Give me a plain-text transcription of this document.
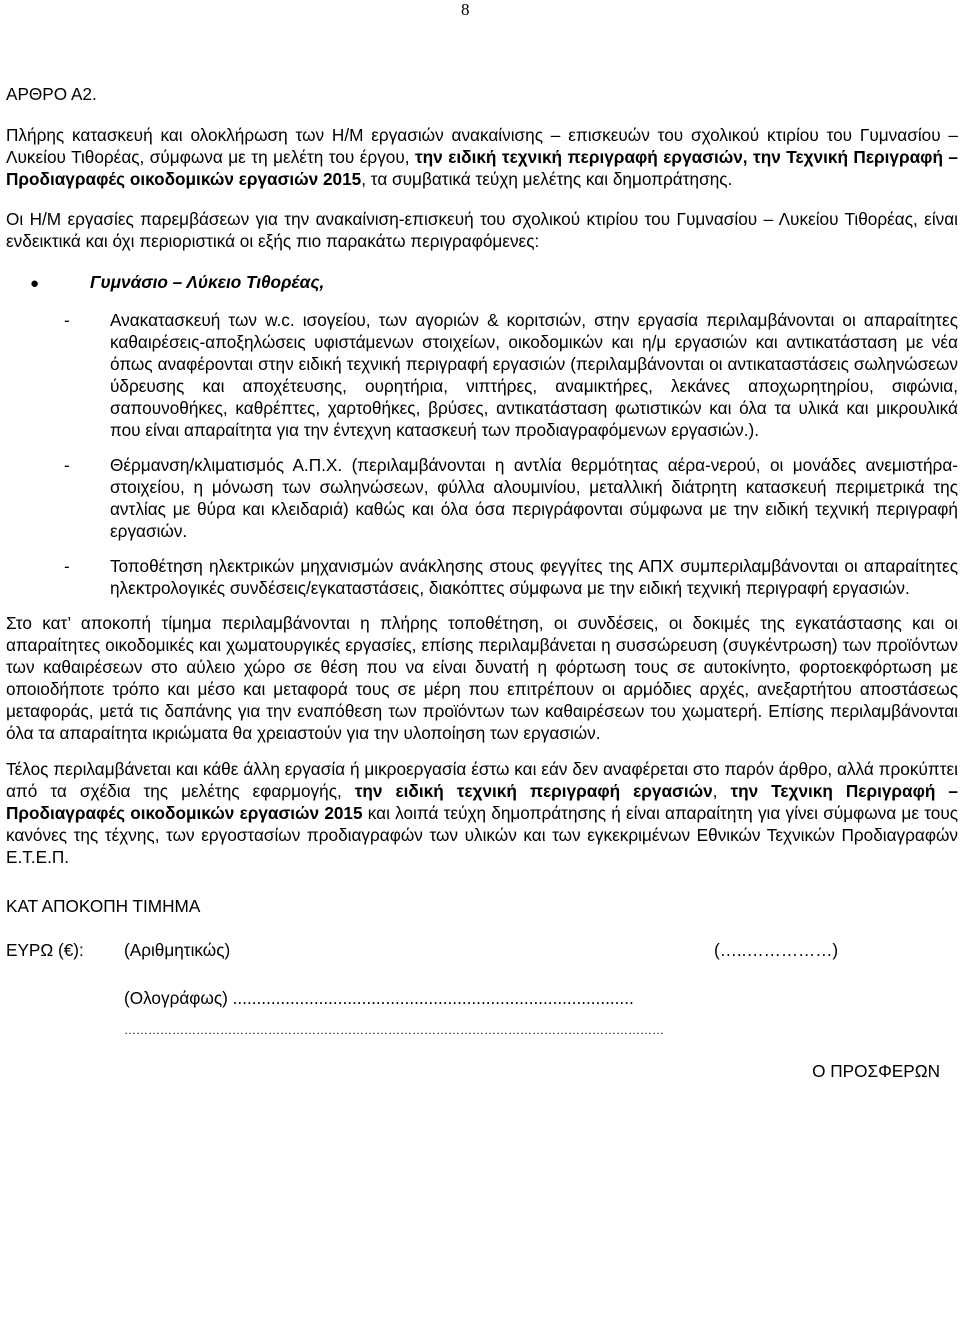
8
ΑΡΘΡΟ Α2.

Πλήρης κατασκευή και ολοκλήρωση των Η/Μ εργασιών ανακαίνισης – επισκευών του σχολικού κτιρίου του Γυμνασίου – Λυκείου Τιθορέας, σύμφωνα με τη μελέτη του έργου, την ειδική τεχνική περιγραφή εργασιών, την Τεχνική Περιγραφή – Προδιαγραφές οικοδομικών εργασιών 2015, τα συμβατικά τεύχη μελέτης και δημοπράτησης.

Οι Η/Μ εργασίες παρεμβάσεων για την ανακαίνιση-επισκευή του σχολικού κτιρίου του Γυμνασίου – Λυκείου Τιθορέας, είναι ενδεικτικά και όχι περιοριστικά οι εξής πιο παρακάτω περιγραφόμενες:

●	Γυμνάσιο – Λύκειο Τιθορέας,
-	Ανακατασκευή των w.c. ισογείου, των αγοριών & κοριτσιών, στην εργασία περιλαμβάνονται οι απαραίτητες καθαιρέσεις-αποξηλώσεις υφιστάμενων στοιχείων, οικοδομικών και η/μ εργασιών και αντικατάσταση με νέα όπως αναφέρονται στην ειδική τεχνική περιγραφή εργασιών (περιλαμβάνονται οι αντικαταστάσεις σωληνώσεων ύδρευσης και αποχέτευσης, ουρητήρια, νιπτήρες, αναμικτήρες, λεκάνες αποχωρητηρίου, σιφώνια, σαπουνοθήκες, καθρέπτες, χαρτοθήκες, βρύσες, αντικατάσταση φωτιστικών και όλα τα υλικά και μικρουλικά που είναι απαραίτητα για την έντεχνη κατασκευή των προδιαγραφόμενων εργασιών.).

-	Θέρμανση/κλιματισμός Α.Π.Χ. (περιλαμβάνονται η αντλία θερμότητας αέρα-νερού, οι μονάδες ανεμιστήρα-στοιχείου, η μόνωση των σωληνώσεων, φύλλα αλουμινίου, μεταλλική διάτρητη κατασκευή περιμετρικά της αντλίας με θύρα και κλειδαριά) καθώς και όλα όσα περιγράφονται σύμφωνα με την ειδική τεχνική περιγραφή εργασιών.

-	Τοποθέτηση ηλεκτρικών μηχανισμών ανάκλησης στους φεγγίτες της ΑΠΧ συμπεριλαμβάνονται οι απαραίτητες ηλεκτρολογικές συνδέσεις/εγκαταστάσεις, διακόπτες σύμφωνα με την ειδική τεχνική περιγραφή εργασιών.

Στο κατ’ αποκοπή τίμημα περιλαμβάνονται η πλήρης τοποθέτηση, οι συνδέσεις, οι δοκιμές της εγκατάστασης και οι απαραίτητες οικοδομικές και χωματουργικές εργασίες, επίσης περιλαμβάνεται η συσσώρευση (συγκέντρωση) των προϊόντων των καθαιρέσεων στο αύλειο χώρο σε θέση που να είναι δυνατή η φόρτωση τους σε αυτοκίνητο, φορτοεκφόρτωση με οποιοδήποτε τρόπο και μέσο και μεταφορά τους σε μέρη που επιτρέπουν οι αρμόδιες αρχές, ανεξαρτήτου αποστάσεως μεταφοράς, μετά τις δαπάνης για την εναπόθεση των προϊόντων των καθαιρέσεων του χωματερή. Επίσης περιλαμβάνονται όλα τα απαραίτητα ικριώματα θα χρειαστούν για την υλοποίηση των εργασιών.

Τέλος περιλαμβάνεται και κάθε άλλη εργασία ή μικροεργασία έστω και εάν δεν αναφέρεται στο παρόν άρθρο, αλλά προκύπτει από τα σχέδια της μελέτης εφαρμογής, την ειδική τεχνική περιγραφή εργασιών, την Τεχνικη Περιγραφή – Προδιαγραφές οικοδομικών εργασιών 2015 και λοιπά τεύχη δημοπράτησης ή είναι απαραίτητη για γίνει σύμφωνα με τους κανόνες της τέχνης, των εργοστασίων προδιαγραφών των υλικών και των εγκεκριμένων Εθνικών Τεχνικών Προδιαγραφών Ε.Τ.Ε.Π.

ΚΑΤ ΑΠΟΚΟΠΗ ΤΙΜΗΜΑ
ΕΥΡΩ (€):	(Αριθμητικώς)	(…..……………)
(Ολογράφως) ....................................................................................
………………………………………………………………………………………………………………………
Ο ΠΡΟΣΦΕΡΩΝ
